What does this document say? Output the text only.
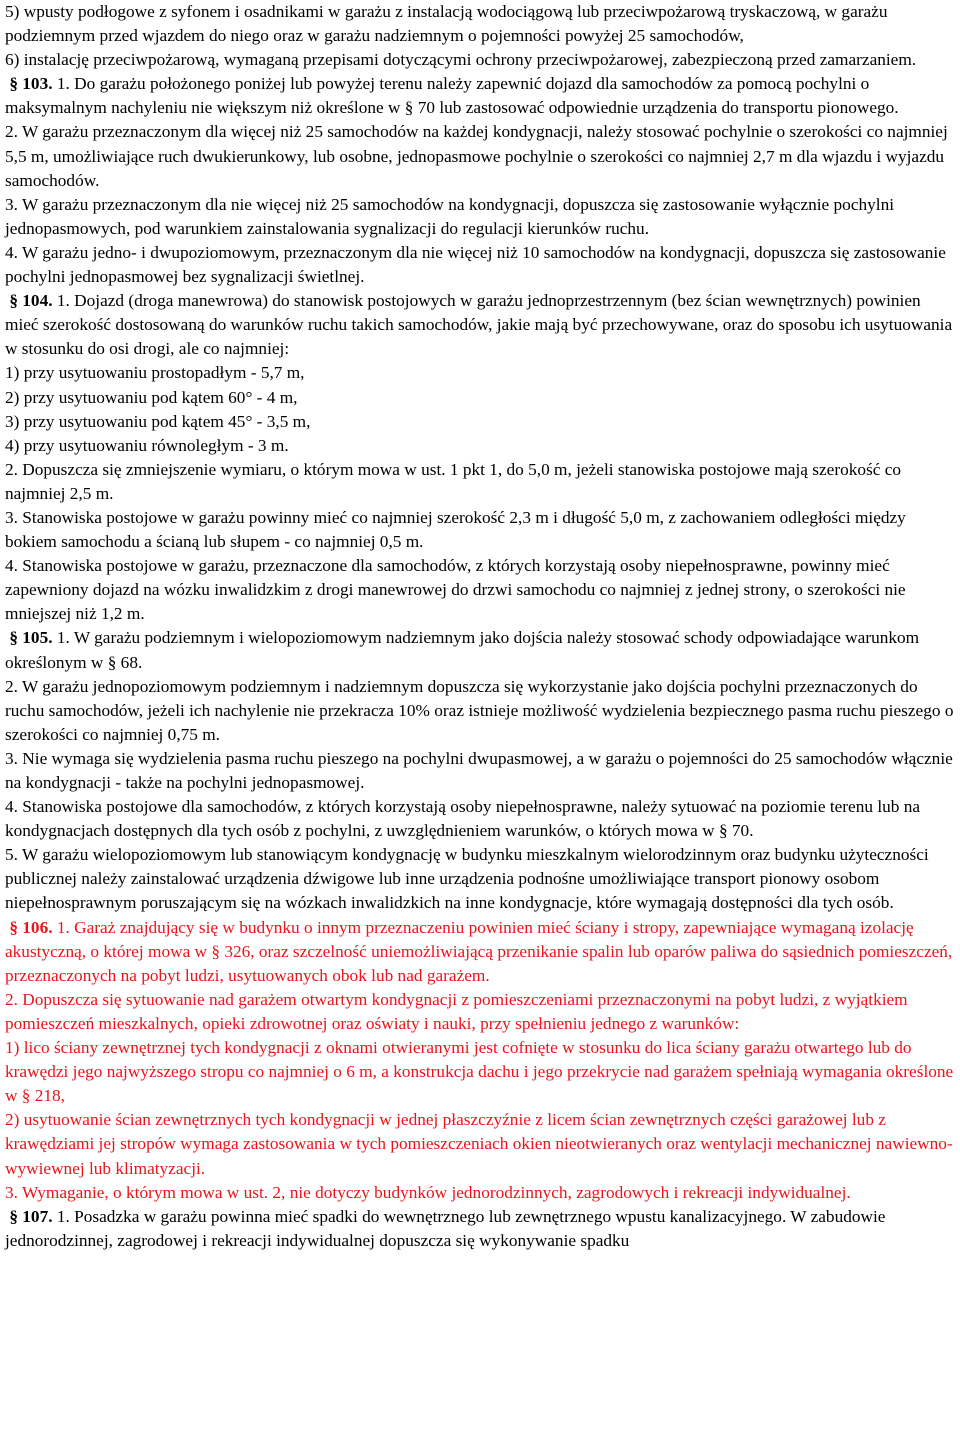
5) wpusty podłogowe z syfonem i osadnikami w garażu z instalacją wodociągową lub przeciwpożarową tryskaczową, w garażu podziemnym przed wjazdem do niego oraz w garażu nadziemnym o pojemności powyżej 25 samochodów,

6) instalację przeciwpożarową, wymaganą przepisami dotyczącymi ochrony przeciwpożarowej, zabezpieczoną przed zamarzaniem.

§ 103. 1. Do garażu położonego poniżej lub powyżej terenu należy zapewnić dojazd dla samochodów za pomocą pochylni o maksymalnym nachyleniu nie większym niż określone w § 70 lub zastosować odpowiednie urządzenia do transportu pionowego.

2. W garażu przeznaczonym dla więcej niż 25 samochodów na każdej kondygnacji, należy stosować pochylnie o szerokości co najmniej 5,5 m, umożliwiające ruch dwukierunkowy, lub osobne, jednopasmowe pochylnie o szerokości co najmniej 2,7 m dla wjazdu i wyjazdu samochodów.

3. W garażu przeznaczonym dla nie więcej niż 25 samochodów na kondygnacji, dopuszcza się zastosowanie wyłącznie pochylni jednopasmowych, pod warunkiem zainstalowania sygnalizacji do regulacji kierunków ruchu.

4. W garażu jedno- i dwupoziomowym, przeznaczonym dla nie więcej niż 10 samochodów na kondygnacji, dopuszcza się zastosowanie pochylni jednopasmowej bez sygnalizacji świetlnej.

§ 104. 1. Dojazd (droga manewrowa) do stanowisk postojowych w garażu jednoprzestrzennym (bez ścian wewnętrznych) powinien mieć szerokość dostosowaną do warunków ruchu takich samochodów, jakie mają być przechowywane, oraz do sposobu ich usytuowania w stosunku do osi drogi, ale co najmniej:

1) przy usytuowaniu prostopadłym - 5,7 m,

2) przy usytuowaniu pod kątem 60° - 4 m,

3) przy usytuowaniu pod kątem 45° - 3,5 m,

4) przy usytuowaniu równoległym - 3 m.

2. Dopuszcza się zmniejszenie wymiaru, o którym mowa w ust. 1 pkt 1, do 5,0 m, jeżeli stanowiska postojowe mają szerokość co najmniej 2,5 m.

3. Stanowiska postojowe w garażu powinny mieć co najmniej szerokość 2,3 m i długość 5,0 m, z zachowaniem odległości między bokiem samochodu a ścianą lub słupem - co najmniej 0,5 m.

4. Stanowiska postojowe w garażu, przeznaczone dla samochodów, z których korzystają osoby niepełnosprawne, powinny mieć zapewniony dojazd na wózku inwalidzkim z drogi manewrowej do drzwi samochodu co najmniej z jednej strony, o szerokości nie mniejszej niż 1,2 m.

§ 105. 1. W garażu podziemnym i wielopoziomowym nadziemnym jako dojścia należy stosować schody odpowiadające warunkom określonym w § 68.

2. W garażu jednopoziomowym podziemnym i nadziemnym dopuszcza się wykorzystanie jako dojścia pochylni przeznaczonych do ruchu samochodów, jeżeli ich nachylenie nie przekracza 10% oraz istnieje możliwość wydzielenia bezpiecznego pasma ruchu pieszego o szerokości co najmniej 0,75 m.

3. Nie wymaga się wydzielenia pasma ruchu pieszego na pochylni dwupasmowej, a w garażu o pojemności do 25 samochodów włącznie na kondygnacji - także na pochylni jednopasmowej.

4. Stanowiska postojowe dla samochodów, z których korzystają osoby niepełnosprawne, należy sytuować na poziomie terenu lub na kondygnacjach dostępnych dla tych osób z pochylni, z uwzględnieniem warunków, o których mowa w § 70.

5. W garażu wielopoziomowym lub stanowiącym kondygnację w budynku mieszkalnym wielorodzinnym oraz budynku użyteczności publicznej należy zainstalować urządzenia dźwigowe lub inne urządzenia podnośne umożliwiające transport pionowy osobom niepełnosprawnym poruszającym się na wózkach inwalidzkich na inne kondygnacje, które wymagają dostępności dla tych osób.

§ 106. 1. Garaż znajdujący się w budynku o innym przeznaczeniu powinien mieć ściany i stropy, zapewniające wymaganą izolację akustyczną, o której mowa w § 326, oraz szczelność uniemożliwiającą przenikanie spalin lub oparów paliwa do sąsiednich pomieszczeń, przeznaczonych na pobyt ludzi, usytuowanych obok lub nad garażem.

2. Dopuszcza się sytuowanie nad garażem otwartym kondygnacji z pomieszczeniami przeznaczonymi na pobyt ludzi, z wyjątkiem pomieszczeń mieszkalnych, opieki zdrowotnej oraz oświaty i nauki, przy spełnieniu jednego z warunków:

1) lico ściany zewnętrznej tych kondygnacji z oknami otwieranymi jest cofnięte w stosunku do lica ściany garażu otwartego lub do krawędzi jego najwyższego stropu co najmniej o 6 m, a konstrukcja dachu i jego przekrycie nad garażem spełniają wymagania określone w § 218,

2) usytuowanie ścian zewnętrznych tych kondygnacji w jednej płaszczyźnie z licem ścian zewnętrznych części garażowej lub z krawędziami jej stropów wymaga zastosowania w tych pomieszczeniach okien nieotwieranych oraz wentylacji mechanicznej nawiewno-wywiewnej lub klimatyzacji.

3. Wymaganie, o którym mowa w ust. 2, nie dotyczy budynków jednorodzinnych, zagrodowych i rekreacji indywidualnej.

§ 107. 1. Posadzka w garażu powinna mieć spadki do wewnętrznego lub zewnętrznego wpustu kanalizacyjnego. W zabudowie jednorodzinnej, zagrodowej i rekreacji indywidualnej dopuszcza się wykonywanie spadku
